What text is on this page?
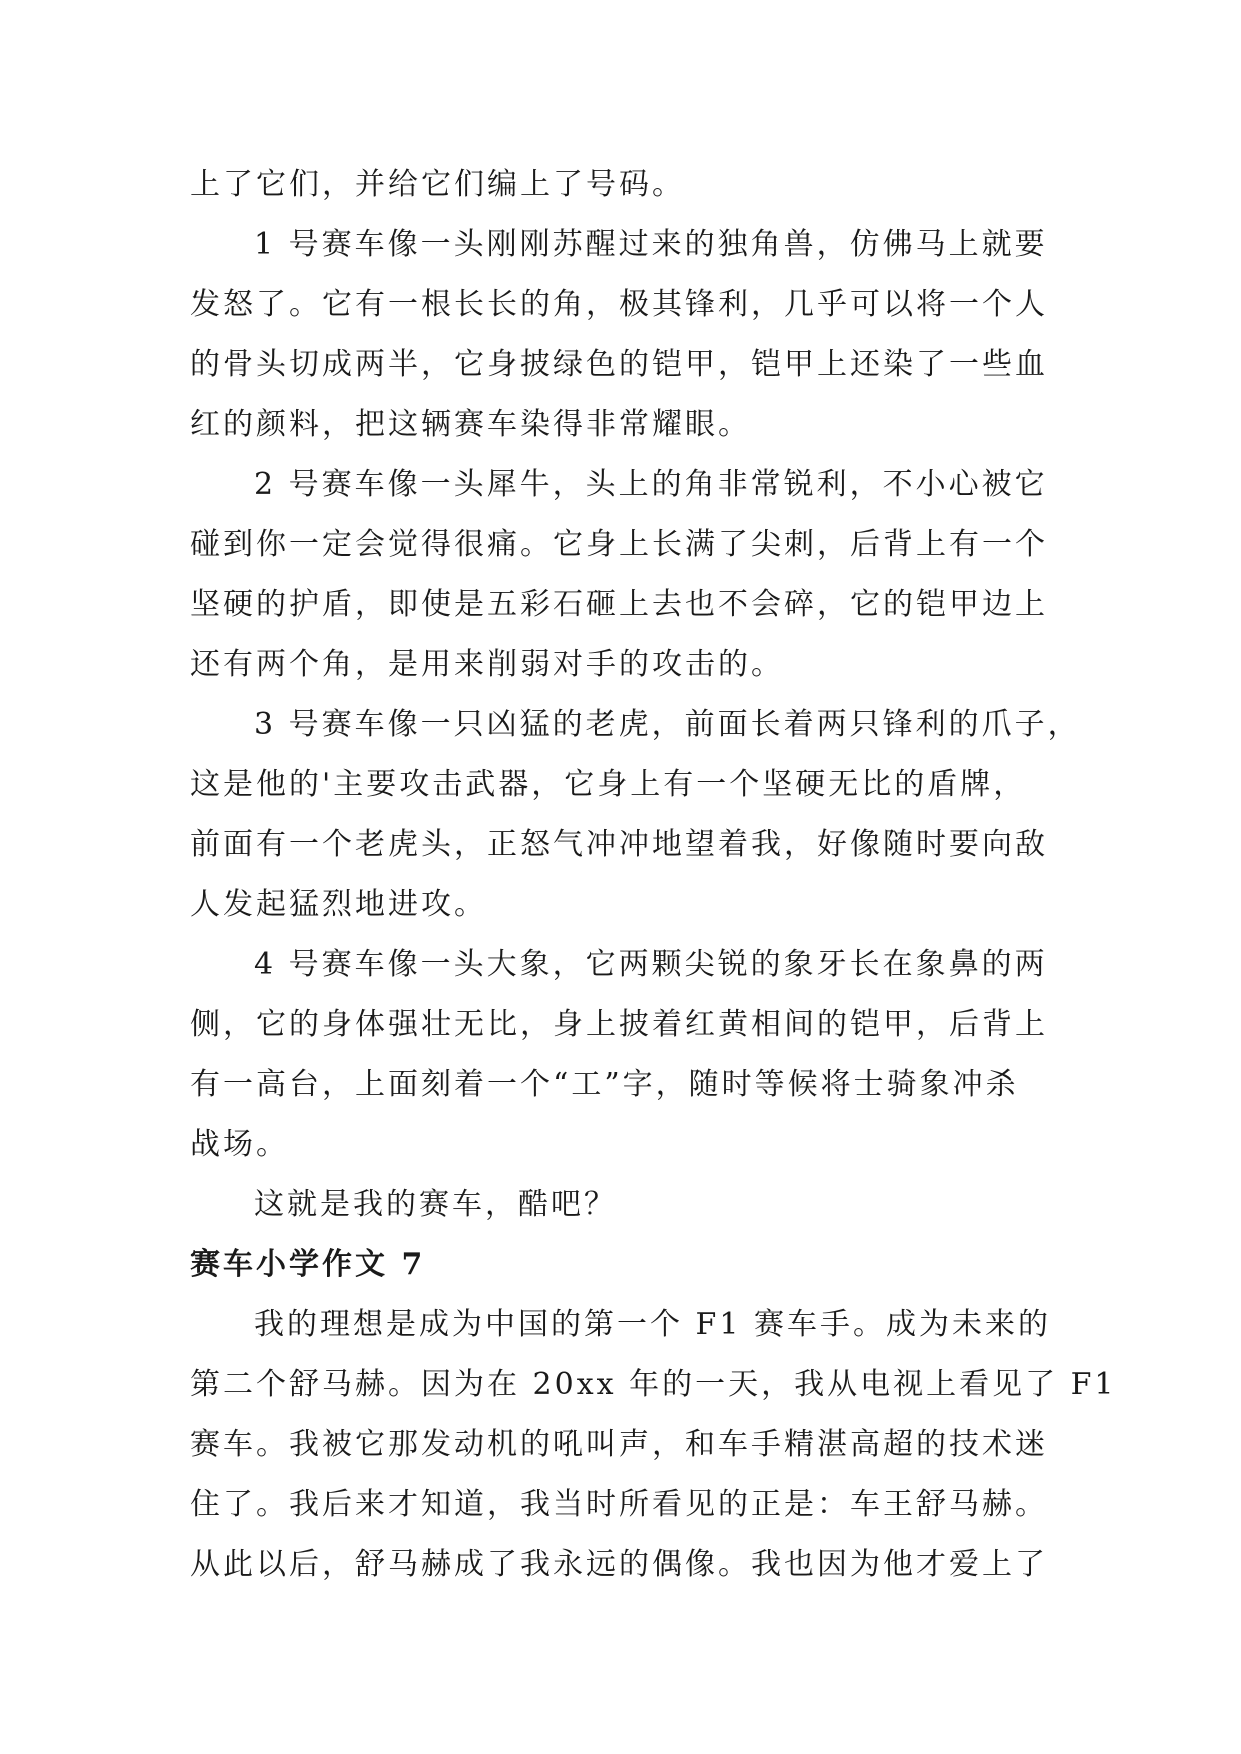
上了它们，并给它们编上了号码。

1 号赛车像一头刚刚苏醒过来的独角兽，仿佛马上就要

发怒了。它有一根长长的角，极其锋利，几乎可以将一个人

的骨头切成两半，它身披绿色的铠甲，铠甲上还染了一些血

红的颜料，把这辆赛车染得非常耀眼。

2 号赛车像一头犀牛，头上的角非常锐利，不小心被它

碰到你一定会觉得很痛。它身上长满了尖刺，后背上有一个

坚硬的护盾，即使是五彩石砸上去也不会碎，它的铠甲边上

还有两个角，是用来削弱对手的攻击的。

3 号赛车像一只凶猛的老虎，前面长着两只锋利的爪子，

这是他的'主要攻击武器，它身上有一个坚硬无比的盾牌，

前面有一个老虎头，正怒气冲冲地望着我，好像随时要向敌

人发起猛烈地进攻。

4 号赛车像一头大象，它两颗尖锐的象牙长在象鼻的两

侧，它的身体强壮无比，身上披着红黄相间的铠甲，后背上

有一高台，上面刻着一个“工”字，随时等候将士骑象冲杀

战场。

这就是我的赛车，酷吧？

赛车小学作文 7

我的理想是成为中国的第一个 F1 赛车手。成为未来的

第二个舒马赫。因为在 20xx 年的一天，我从电视上看见了 F1

赛车。我被它那发动机的吼叫声，和车手精湛高超的技术迷

住了。我后来才知道，我当时所看见的正是：车王舒马赫。

从此以后，舒马赫成了我永远的偶像。我也因为他才爱上了
